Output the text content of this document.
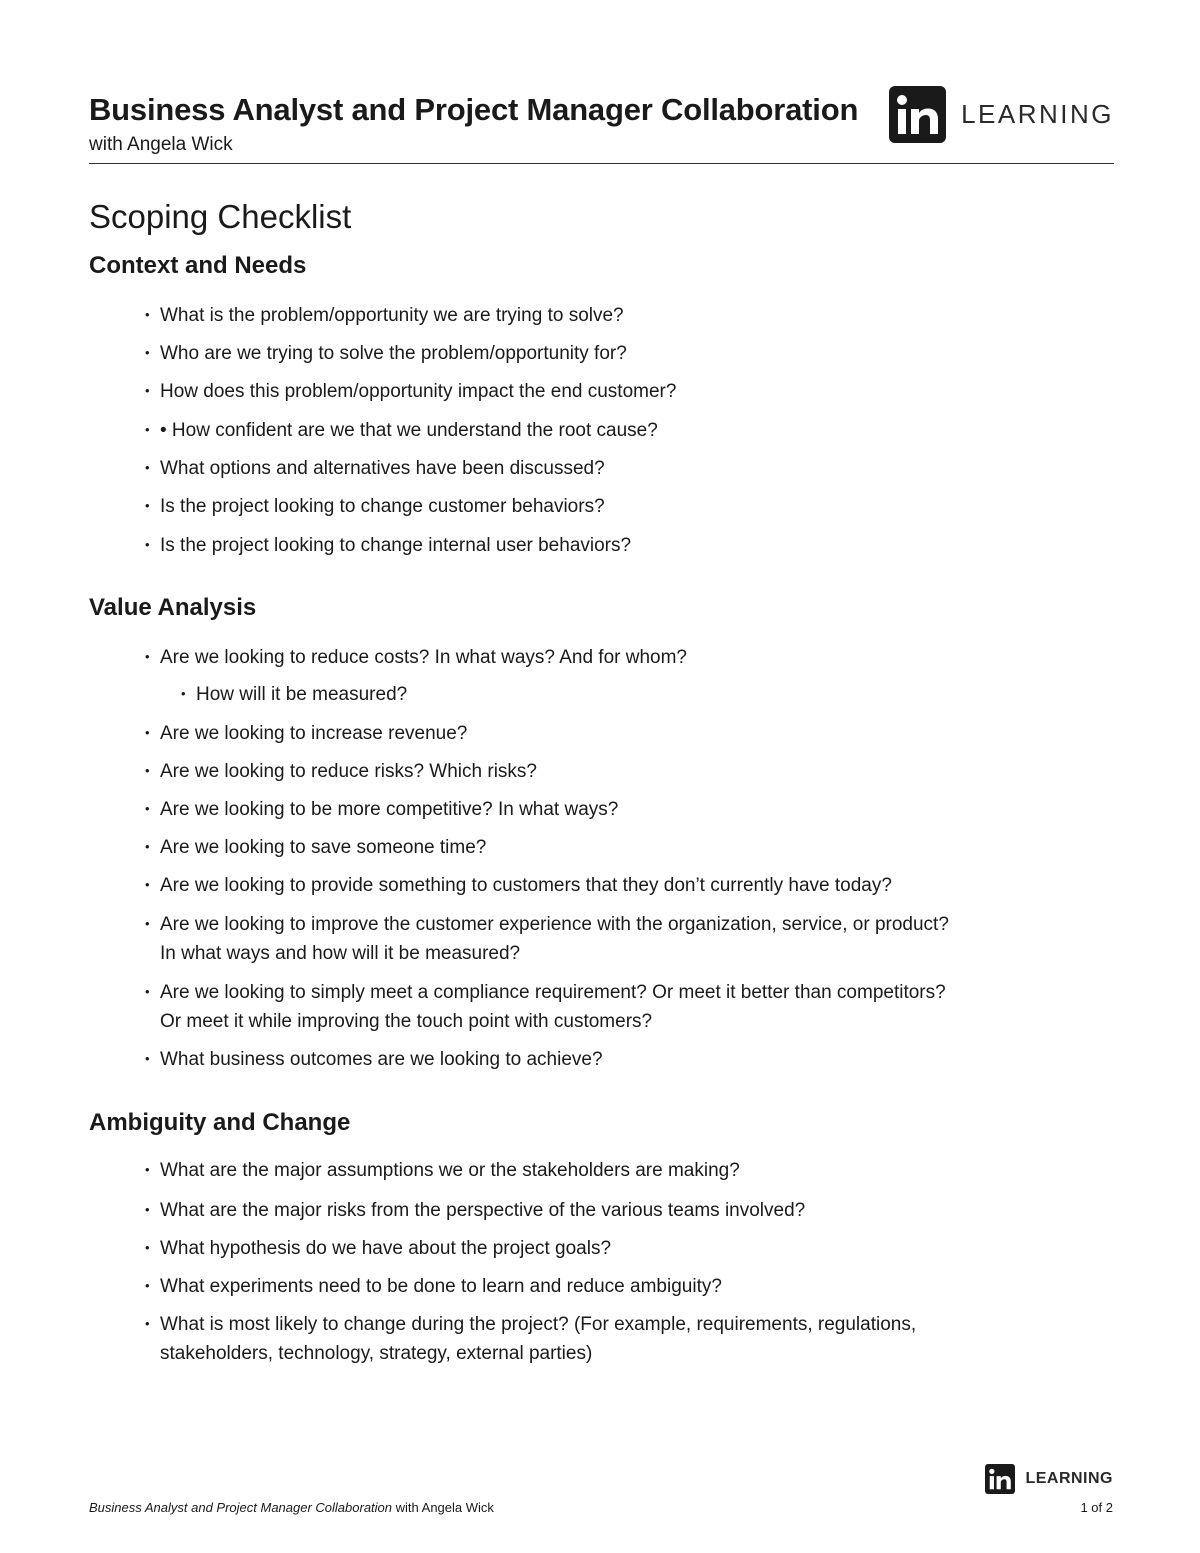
Business Analyst and Project Manager Collaboration
with Angela Wick
LEARNING
Scoping Checklist
Context and Needs
• What is the problem/opportunity we are trying to solve?
• Who are we trying to solve the problem/opportunity for?
• How does this problem/opportunity impact the end customer?
• • How confident are we that we understand the root cause?
• What options and alternatives have been discussed?
• Is the project looking to change customer behaviors?
• Is the project looking to change internal user behaviors?
Value Analysis
• Are we looking to reduce costs? In what ways? And for whom?
• How will it be measured?
• Are we looking to increase revenue?
• Are we looking to reduce risks? Which risks?
• Are we looking to be more competitive? In what ways?
• Are we looking to save someone time?
• Are we looking to provide something to customers that they don’t currently have today?
• Are we looking to improve the customer experience with the organization, service, or product?
In what ways and how will it be measured?
• Are we looking to simply meet a compliance requirement? Or meet it better than competitors?
Or meet it while improving the touch point with customers?
• What business outcomes are we looking to achieve?
Ambiguity and Change
• What are the major assumptions we or the stakeholders are making?
• What are the major risks from the perspective of the various teams involved?
• What hypothesis do we have about the project goals?
• What experiments need to be done to learn and reduce ambiguity?
• What is most likely to change during the project? (For example, requirements, regulations,
stakeholders, technology, strategy, external parties)
LEARNING
Business Analyst and Project Manager Collaboration with Angela Wick	1 of 2
